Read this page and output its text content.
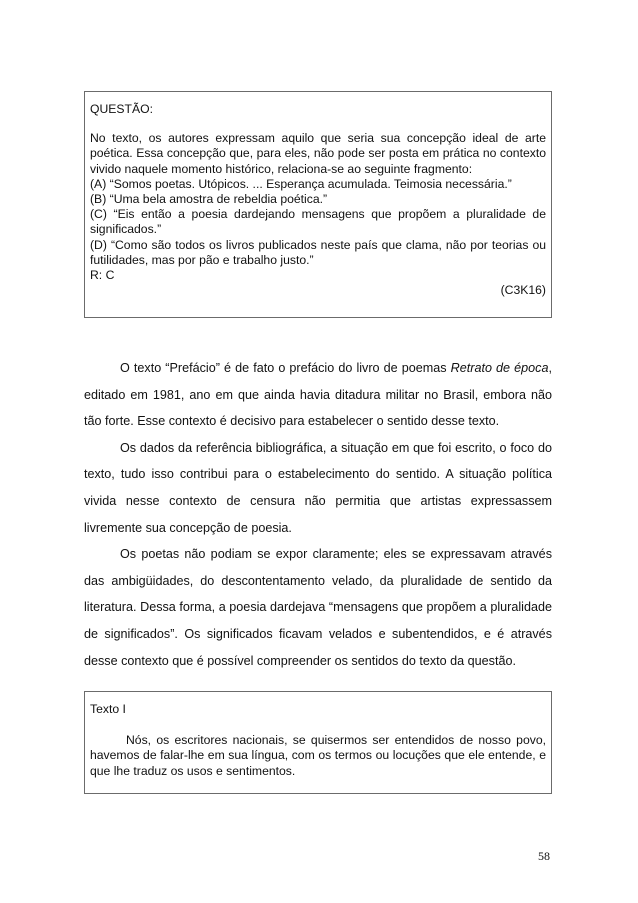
QUESTÃO:

No texto, os autores expressam aquilo que seria sua concepção ideal de arte poética. Essa concepção que, para eles, não pode ser posta em prática no contexto vivido naquele momento histórico, relaciona-se ao seguinte fragmento:

(A) “Somos poetas. Utópicos. ... Esperança acumulada. Teimosia necessária.”

(B) “Uma bela amostra de rebeldia poética.”

(C) “Eis então a poesia dardejando mensagens que propõem a pluralidade de significados.”

(D) “Como são todos os livros publicados neste país que clama, não por teorias ou futilidades, mas por pão e trabalho justo.”

R: C

(C3K16)

O texto “Prefácio” é de fato o prefácio do livro de poemas Retrato de época, editado em 1981, ano em que ainda havia ditadura militar no Brasil, embora não tão forte. Esse contexto é decisivo para estabelecer o sentido desse texto.

Os dados da referência bibliográfica, a situação em que foi escrito, o foco do texto, tudo isso contribui para o estabelecimento do sentido. A situação política vivida nesse contexto de censura não permitia que artistas expressassem livremente sua concepção de poesia.

Os poetas não podiam se expor claramente; eles se expressavam através das ambigüidades, do descontentamento velado, da pluralidade de sentido da literatura. Dessa forma, a poesia dardejava “mensagens que propõem a pluralidade de significados”. Os significados ficavam velados e subentendidos, e é através desse contexto que é possível compreender os sentidos do texto da questão.

Texto I

Nós, os escritores nacionais, se quisermos ser entendidos de nosso povo, havemos de falar-lhe em sua língua, com os termos ou locuções que ele entende, e que lhe traduz os usos e sentimentos.

58
